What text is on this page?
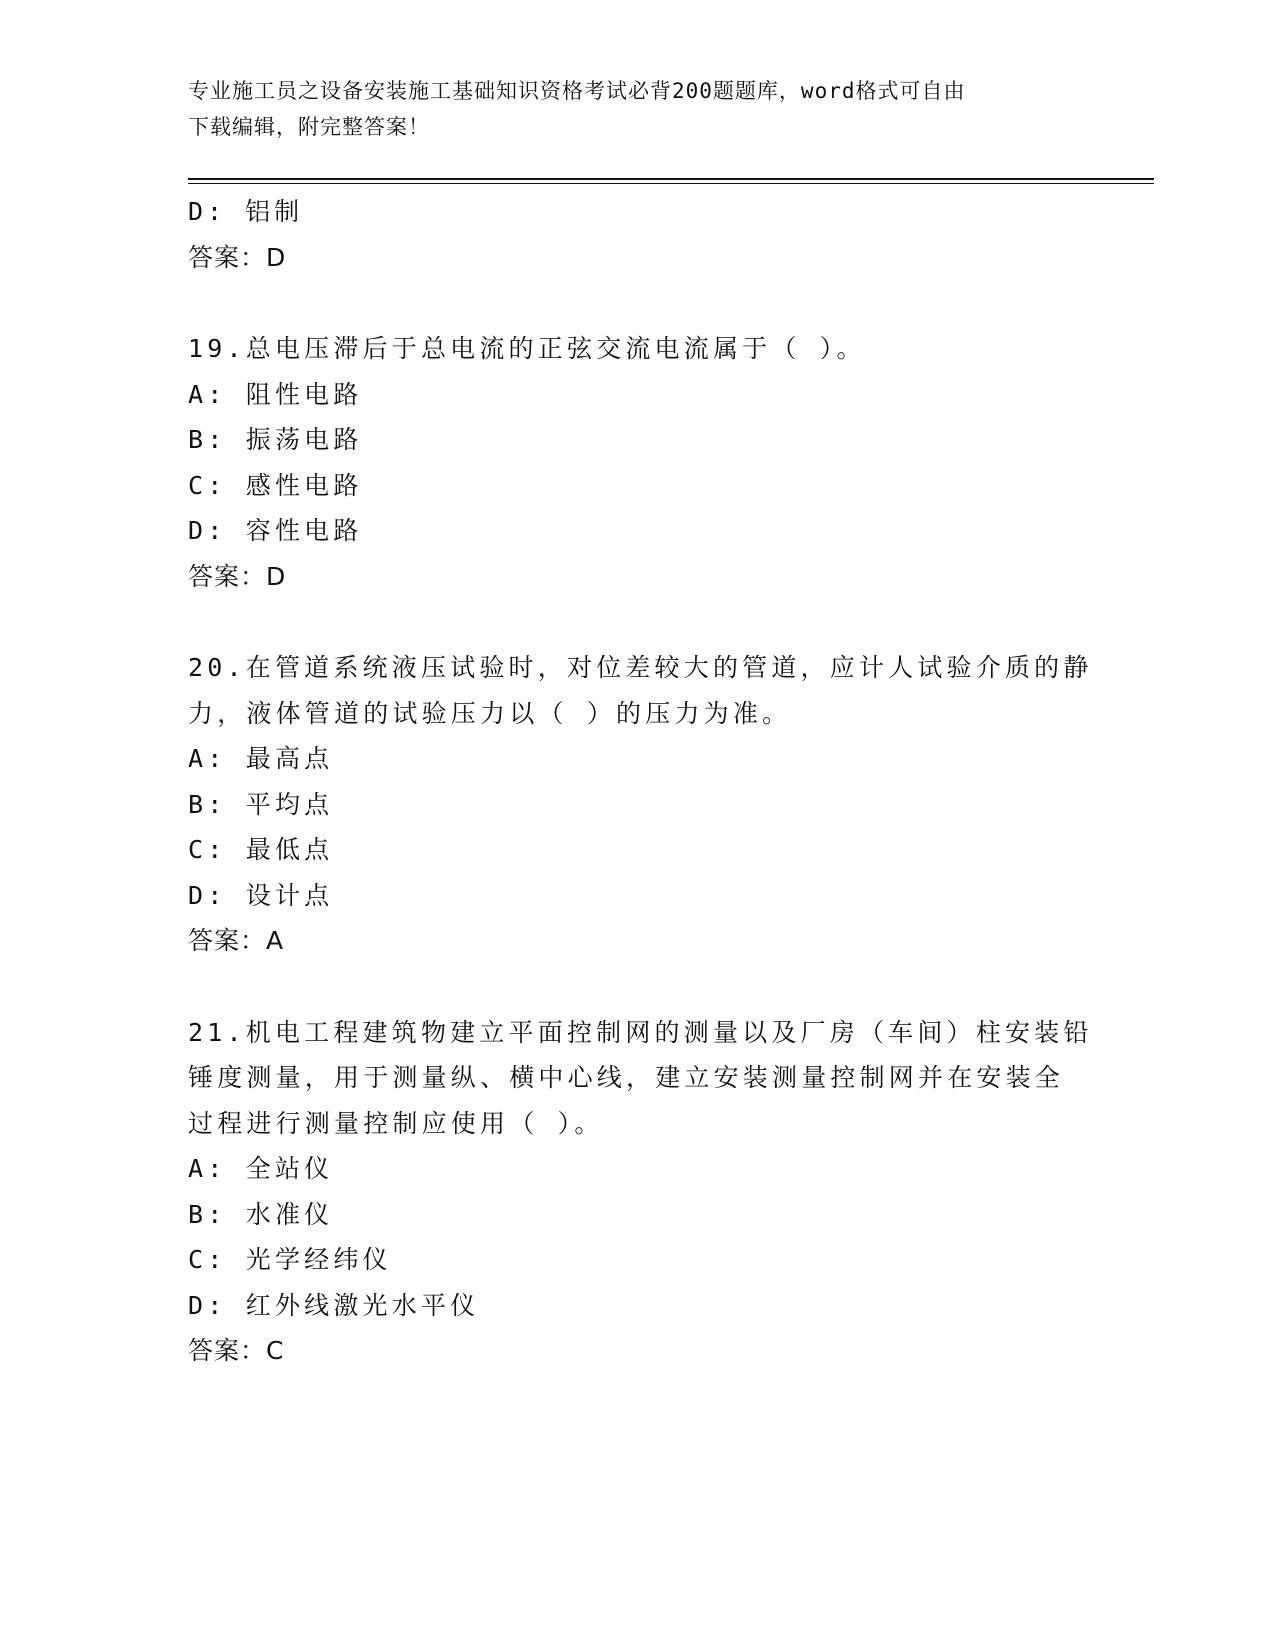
专业施工员之设备安装施工基础知识资格考试必背200题题库，word格式可自由
下载编辑，附完整答案！
D: 铝制
答案：D
19.总电压滞后于总电流的正弦交流电流属于（ ）。
A: 阻性电路
B: 振荡电路
C: 感性电路
D: 容性电路
答案：D
20.在管道系统液压试验时，对位差较大的管道，应计人试验介质的静
力，液体管道的试验压力以（ ）的压力为准。
A: 最高点
B: 平均点
C: 最低点
D: 设计点
答案：A
21.机电工程建筑物建立平面控制网的测量以及厂房（车间）柱安装铅
锤度测量，用于测量纵、横中心线，建立安装测量控制网并在安装全
过程进行测量控制应使用（ ）。
A: 全站仪
B: 水准仪
C: 光学经纬仪
D: 红外线激光水平仪
答案：C
